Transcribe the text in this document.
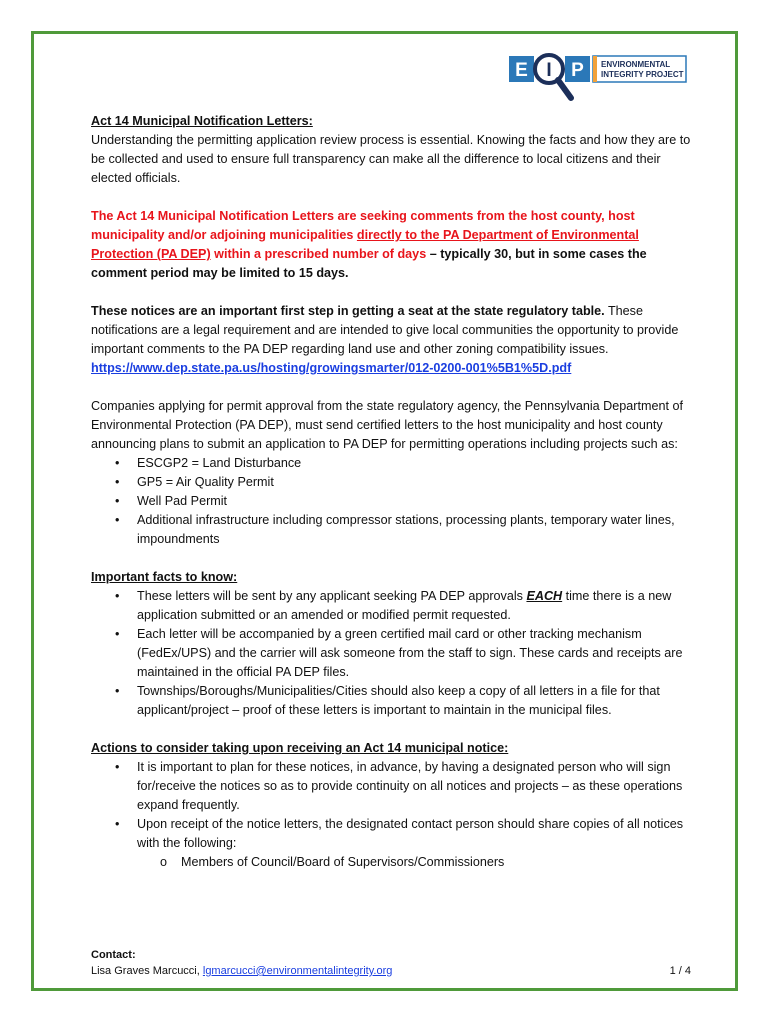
E I P ENVIRONMENTAL
INTEGRITY PROJECT

Act 14 Municipal Notification Letters:

Understanding the permitting application review process is essential. Knowing the facts and how they are to be collected and used to ensure full transparency can make all the difference to local citizens and their elected officials.

The Act 14 Municipal Notification Letters are seeking comments from the host county, host municipality and/or adjoining municipalities directly to the PA Department of Environmental Protection (PA DEP) within a prescribed number of days – typically 30, but in some cases the comment period may be limited to 15 days.

These notices are an important first step in getting a seat at the state regulatory table. These notifications are a legal requirement and are intended to give local communities the opportunity to provide important comments to the PA DEP regarding land use and other zoning compatibility issues.

https://www.dep.state.pa.us/hosting/growingsmarter/012-0200-001%5B1%5D.pdf

Companies applying for permit approval from the state regulatory agency, the Pennsylvania Department of Environmental Protection (PA DEP), must send certified letters to the host municipality and host county announcing plans to submit an application to PA DEP for permitting operations including projects such as:

• ESCGP2 = Land Disturbance
• GP5 = Air Quality Permit
• Well Pad Permit
• Additional infrastructure including compressor stations, processing plants, temporary water lines, impoundments

Important facts to know:

• These letters will be sent by any applicant seeking PA DEP approvals EACH time there is a new application submitted or an amended or modified permit requested.
• Each letter will be accompanied by a green certified mail card or other tracking mechanism (FedEx/UPS) and the carrier will ask someone from the staff to sign. These cards and receipts are maintained in the official PA DEP files.
• Townships/Boroughs/Municipalities/Cities should also keep a copy of all letters in a file for that applicant/project – proof of these letters is important to maintain in the municipal files.

Actions to consider taking upon receiving an Act 14 municipal notice:

• It is important to plan for these notices, in advance, by having a designated person who will sign for/receive the notices so as to provide continuity on all notices and projects – as these operations expand frequently.
• Upon receipt of the notice letters, the designated contact person should share copies of all notices with the following:
o Members of Council/Board of Supervisors/Commissioners
Contact:
Lisa Graves Marcucci, lgmarcucci@environmentalintegrity.org	1 / 4
